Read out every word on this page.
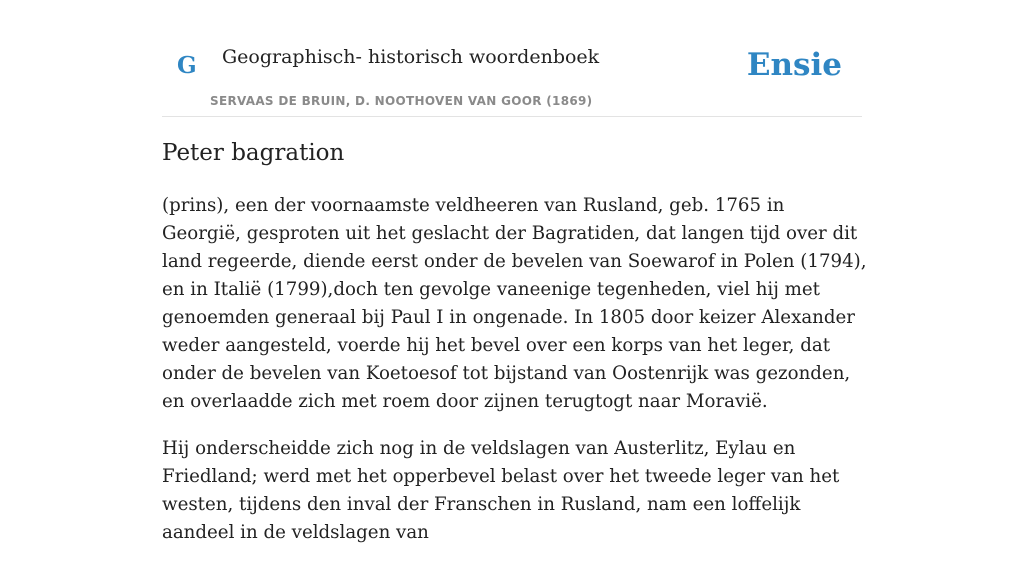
G Geographisch- historisch woordenboek
SERVAAS DE BRUIN, D. NOOTHOVEN VAN GOOR (1869)
Ensie
Peter bagration

(prins), een der voornaamste veldheeren van Rusland, geb. 1765 in Georgië, gesproten uit het geslacht der Bagratiden, dat langen tijd over dit land regeerde, diende eerst onder de bevelen van Soewarof in Polen (1794), en in Italië (1799),doch ten gevolge vaneenige tegenheden, viel hij met genoemden generaal bij Paul I in ongenade. In 1805 door keizer Alexander weder aangesteld, voerde hij het bevel over een korps van het leger, dat onder de bevelen van Koetoesof tot bijstand van Oostenrijk was gezonden, en overlaadde zich met roem door zijnen terugtogt naar Moravië.

Hij onderscheidde zich nog in de veldslagen van Austerlitz, Eylau en Friedland; werd met het opperbevel belast over het tweede leger van het westen, tijdens den inval der Franschen in Rusland, nam een loffelijk aandeel in de veldslagen van
